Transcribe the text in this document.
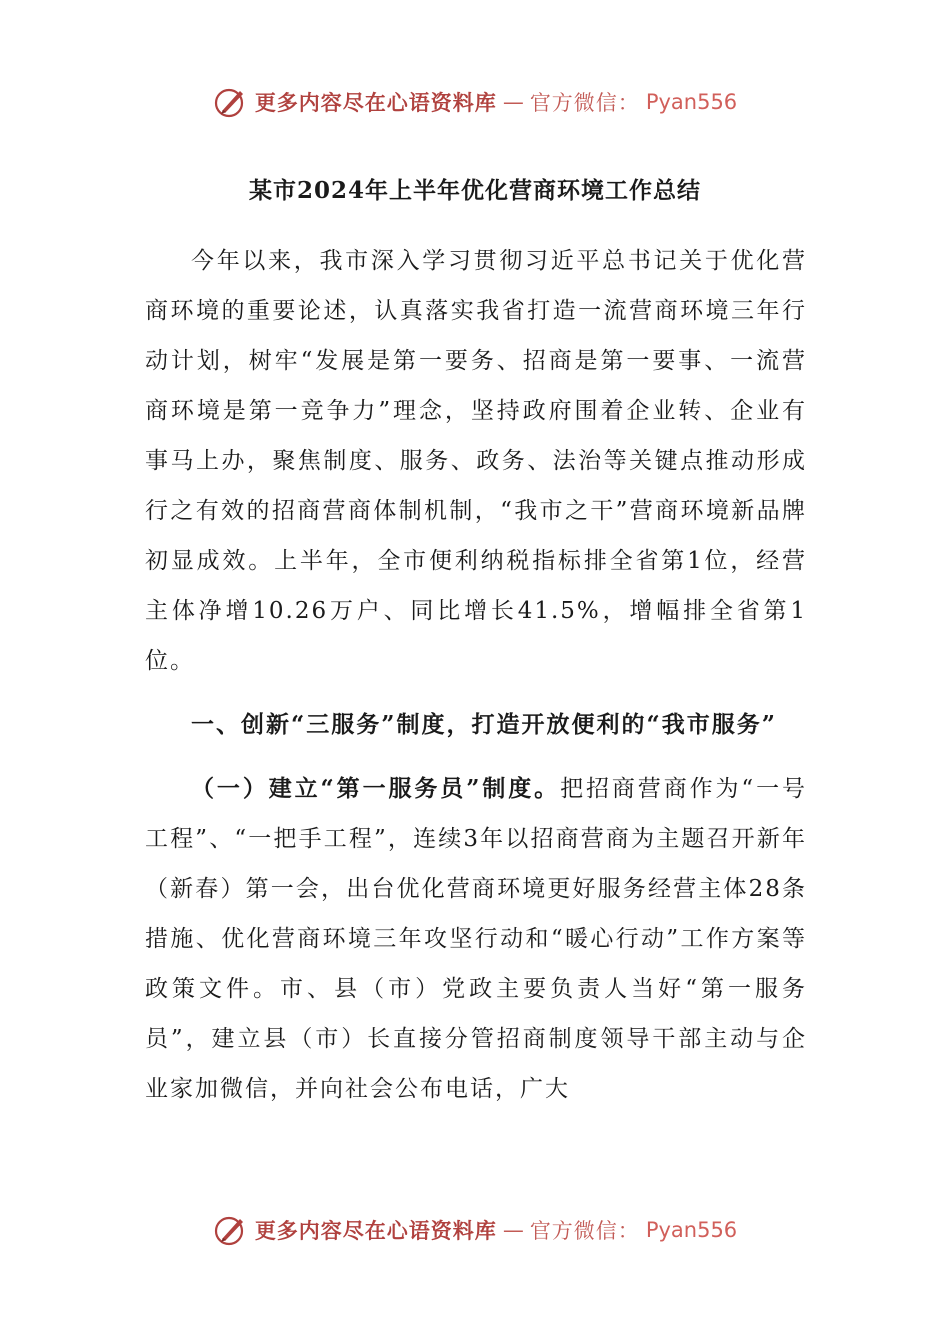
更多内容尽在心语资料库 — 官方微信： Pyan556
某市2024年上半年优化营商环境工作总结

今年以来，我市深入学习贯彻习近平总书记关于优化营商环境的重要论述，认真落实我省打造一流营商环境三年行动计划，树牢“发展是第一要务、招商是第一要事、一流营商环境是第一竞争力”理念，坚持政府围着企业转、企业有事马上办，聚焦制度、服务、政务、法治等关键点推动形成行之有效的招商营商体制机制，“我市之干”营商环境新品牌初显成效。上半年，全市便利纳税指标排全省第1位，经营主体净增10.26万户、同比增长41.5%，增幅排全省第1位。

一、创新“三服务”制度，打造开放便利的“我市服务”

（一）建立“第一服务员”制度。把招商营商作为“一号工程”、“一把手工程”，连续3年以招商营商为主题召开新年（新春）第一会，出台优化营商环境更好服务经营主体28条措施、优化营商环境三年攻坚行动和“暖心行动”工作方案等政策文件。市、县（市）党政主要负责人当好“第一服务员”，建立县（市）长直接分管招商制度领导干部主动与企业家加微信，并向社会公布电话，广大

更多内容尽在心语资料库 — 官方微信： Pyan556
